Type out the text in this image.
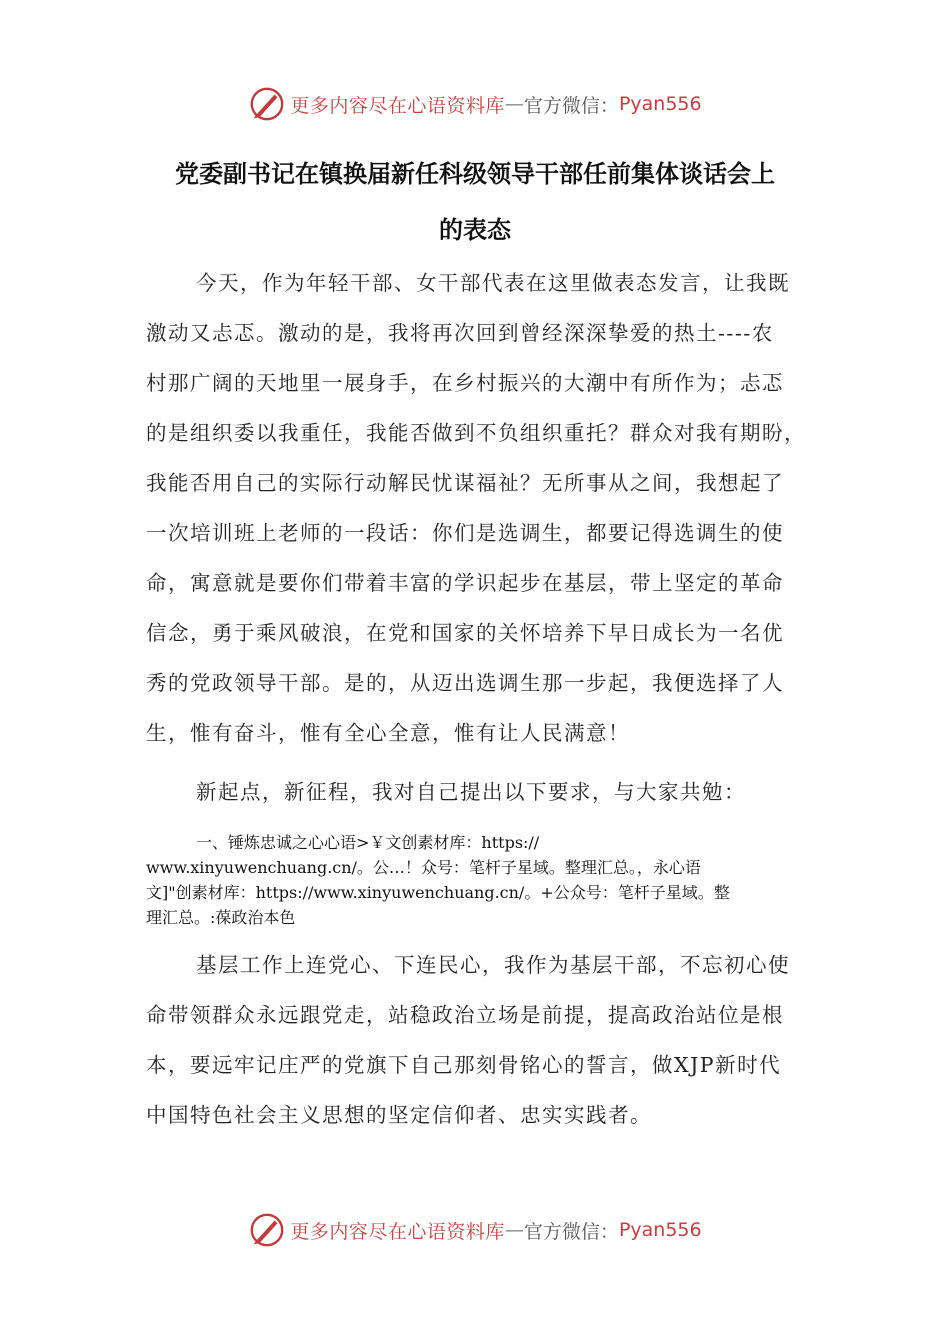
更多内容尽在心语资料库 — 官方微信： Pyan556
党委副书记在镇换届新任科级领导干部任前集体谈话会上
的表态
今天，作为年轻干部、女干部代表在这里做表态发言，让我既
激动又忐忑。激动的是，我将再次回到曾经深深挚爱的热土----农
村那广阔的天地里一展身手，在乡村振兴的大潮中有所作为；忐忑
的是组织委以我重任，我能否做到不负组织重托？群众对我有期盼，
我能否用自己的实际行动解民忧谋福祉？无所事从之间，我想起了
一次培训班上老师的一段话：你们是选调生，都要记得选调生的使
命，寓意就是要你们带着丰富的学识起步在基层，带上坚定的革命
信念，勇于乘风破浪，在党和国家的关怀培养下早日成长为一名优
秀的党政领导干部。是的，从迈出选调生那一步起，我便选择了人
生，惟有奋斗，惟有全心全意，惟有让人民满意！
新起点，新征程，我对自己提出以下要求，与大家共勉：
一、锤炼忠诚之心心语>￥文创素材库：https://
www.xinyuwenchuang.cn/。公…！众号：笔杆子星域。整理汇总。，永心语
文]"创素材库：https://www.xinyuwenchuang.cn/。+公众号：笔杆子星域。整
理汇总。:葆政治本色
基层工作上连党心、下连民心，我作为基层干部，不忘初心使
命带领群众永远跟党走，站稳政治立场是前提，提高政治站位是根
本，要远牢记庄严的党旗下自己那刻骨铭心的誓言，做XJP新时代
中国特色社会主义思想的坚定信仰者、忠实实践者。
更多内容尽在心语资料库 — 官方微信： Pyan556
